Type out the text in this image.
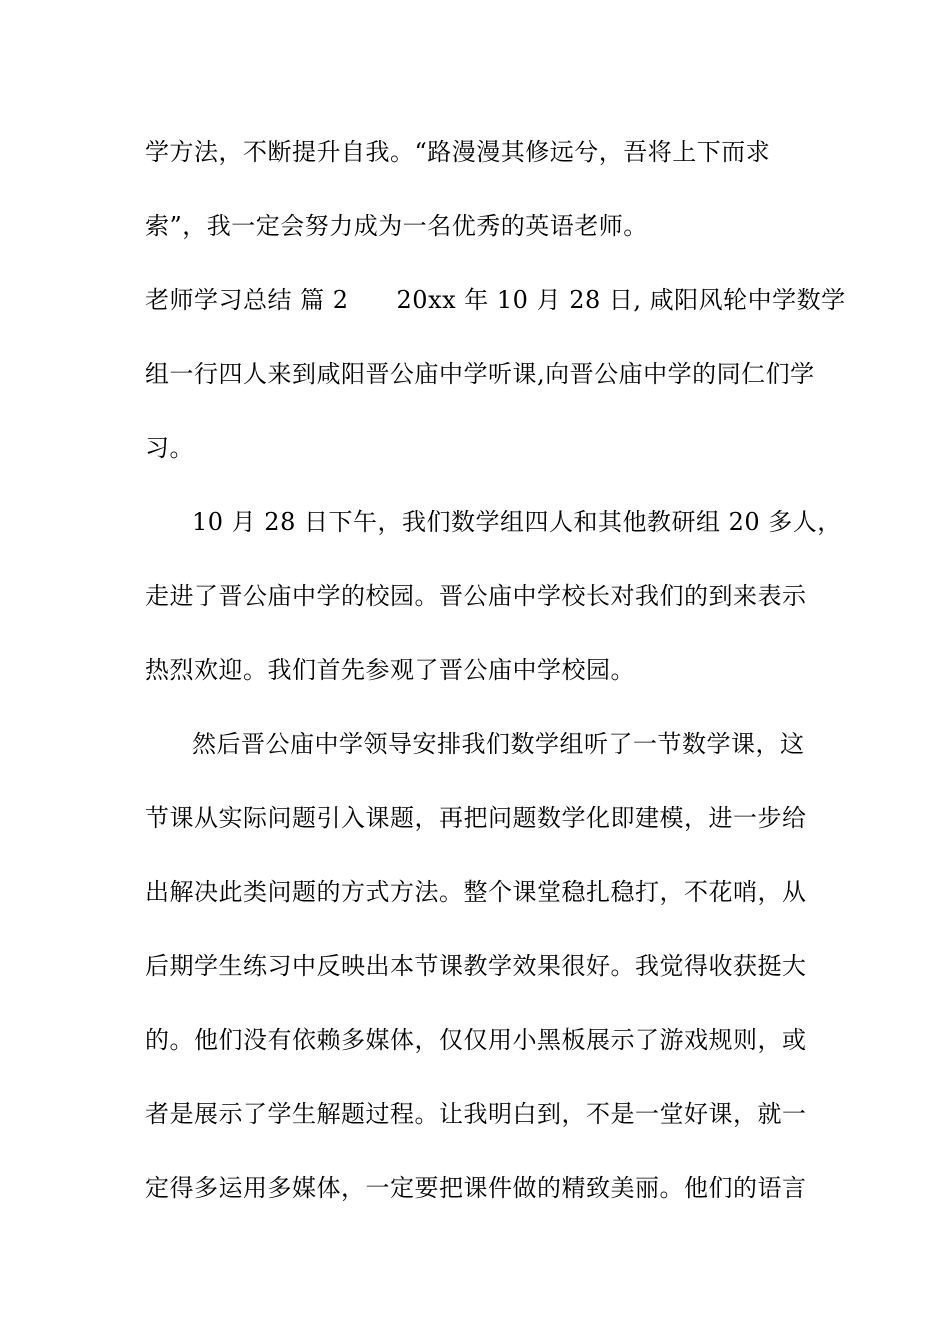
学方法，不断提升自我。“路漫漫其修远兮，吾将上下而求
索”，我一定会努力成为一名优秀的英语老师。
老师学习总结 篇 2 20xx 年 10 月 28 日, 咸阳风轮中学数学
组一行四人来到咸阳晋公庙中学听课,向晋公庙中学的同仁们学
习。
10 月 28 日下午，我们数学组四人和其他教研组 20 多人，
走进了晋公庙中学的校园。晋公庙中学校长对我们的到来表示
热烈欢迎。我们首先参观了晋公庙中学校园。
然后晋公庙中学领导安排我们数学组听了一节数学课，这
节课从实际问题引入课题，再把问题数学化即建模，进一步给
出解决此类问题的方式方法。整个课堂稳扎稳打，不花哨，从
后期学生练习中反映出本节课教学效果很好。我觉得收获挺大
的。他们没有依赖多媒体，仅仅用小黑板展示了游戏规则，或
者是展示了学生解题过程。让我明白到，不是一堂好课，就一
定得多运用多媒体，一定要把课件做的精致美丽。他们的语言
